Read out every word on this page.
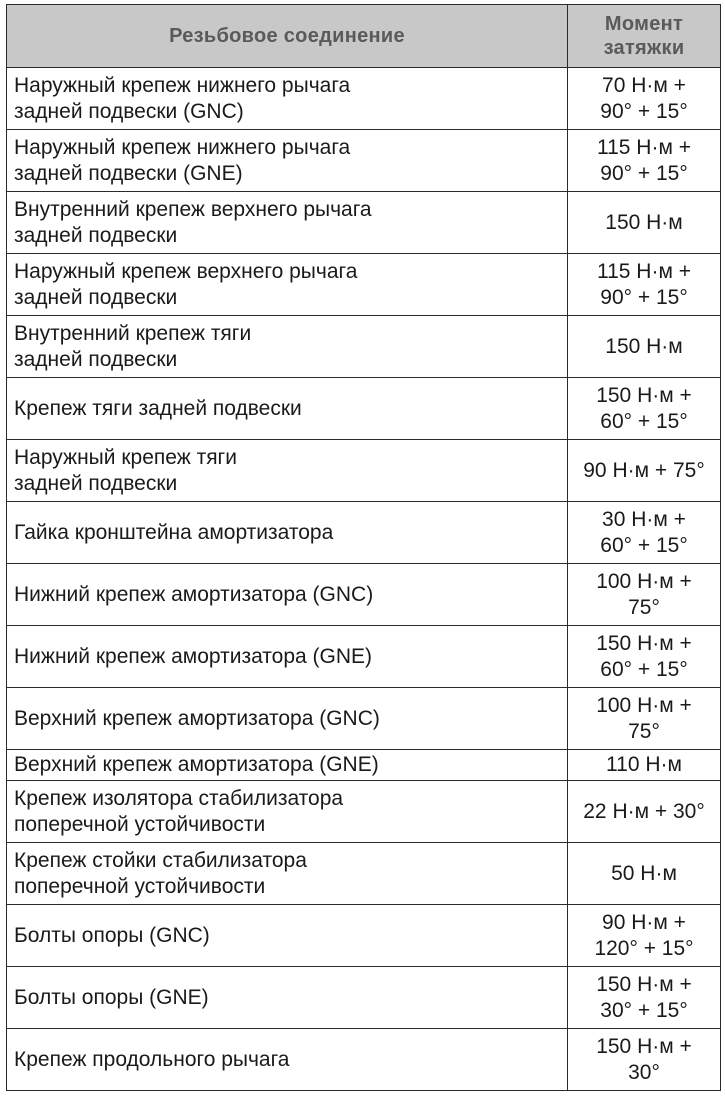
Резьбовое соединение	Момент
затяжки
Наружный крепеж нижнего рычага
задней подвески (GNC)	70 Н·м +
90° + 15°
Наружный крепеж нижнего рычага
задней подвески (GNE)	115 Н·м +
90° + 15°
Внутренний крепеж верхнего рычага
задней подвески	150 Н·м
Наружный крепеж верхнего рычага
задней подвески	115 Н·м +
90° + 15°
Внутренний крепеж тяги
задней подвески	150 Н·м
Крепеж тяги задней подвески	150 Н·м +
60° + 15°
Наружный крепеж тяги
задней подвески	90 Н·м + 75°
Гайка кронштейна амортизатора	30 Н·м +
60° + 15°
Нижний крепеж амортизатора (GNC)	100 Н·м +
75°
Нижний крепеж амортизатора (GNE)	150 Н·м +
60° + 15°
Верхний крепеж амортизатора (GNC)	100 Н·м +
75°
Верхний крепеж амортизатора (GNE)	110 Н·м
Крепеж изолятора стабилизатора
поперечной устойчивости	22 Н·м + 30°
Крепеж стойки стабилизатора
поперечной устойчивости	50 Н·м
Болты опоры (GNC)	90 Н·м +
120° + 15°
Болты опоры (GNE)	150 Н·м +
30° + 15°
Крепеж продольного рычага	150 Н·м +
30°
